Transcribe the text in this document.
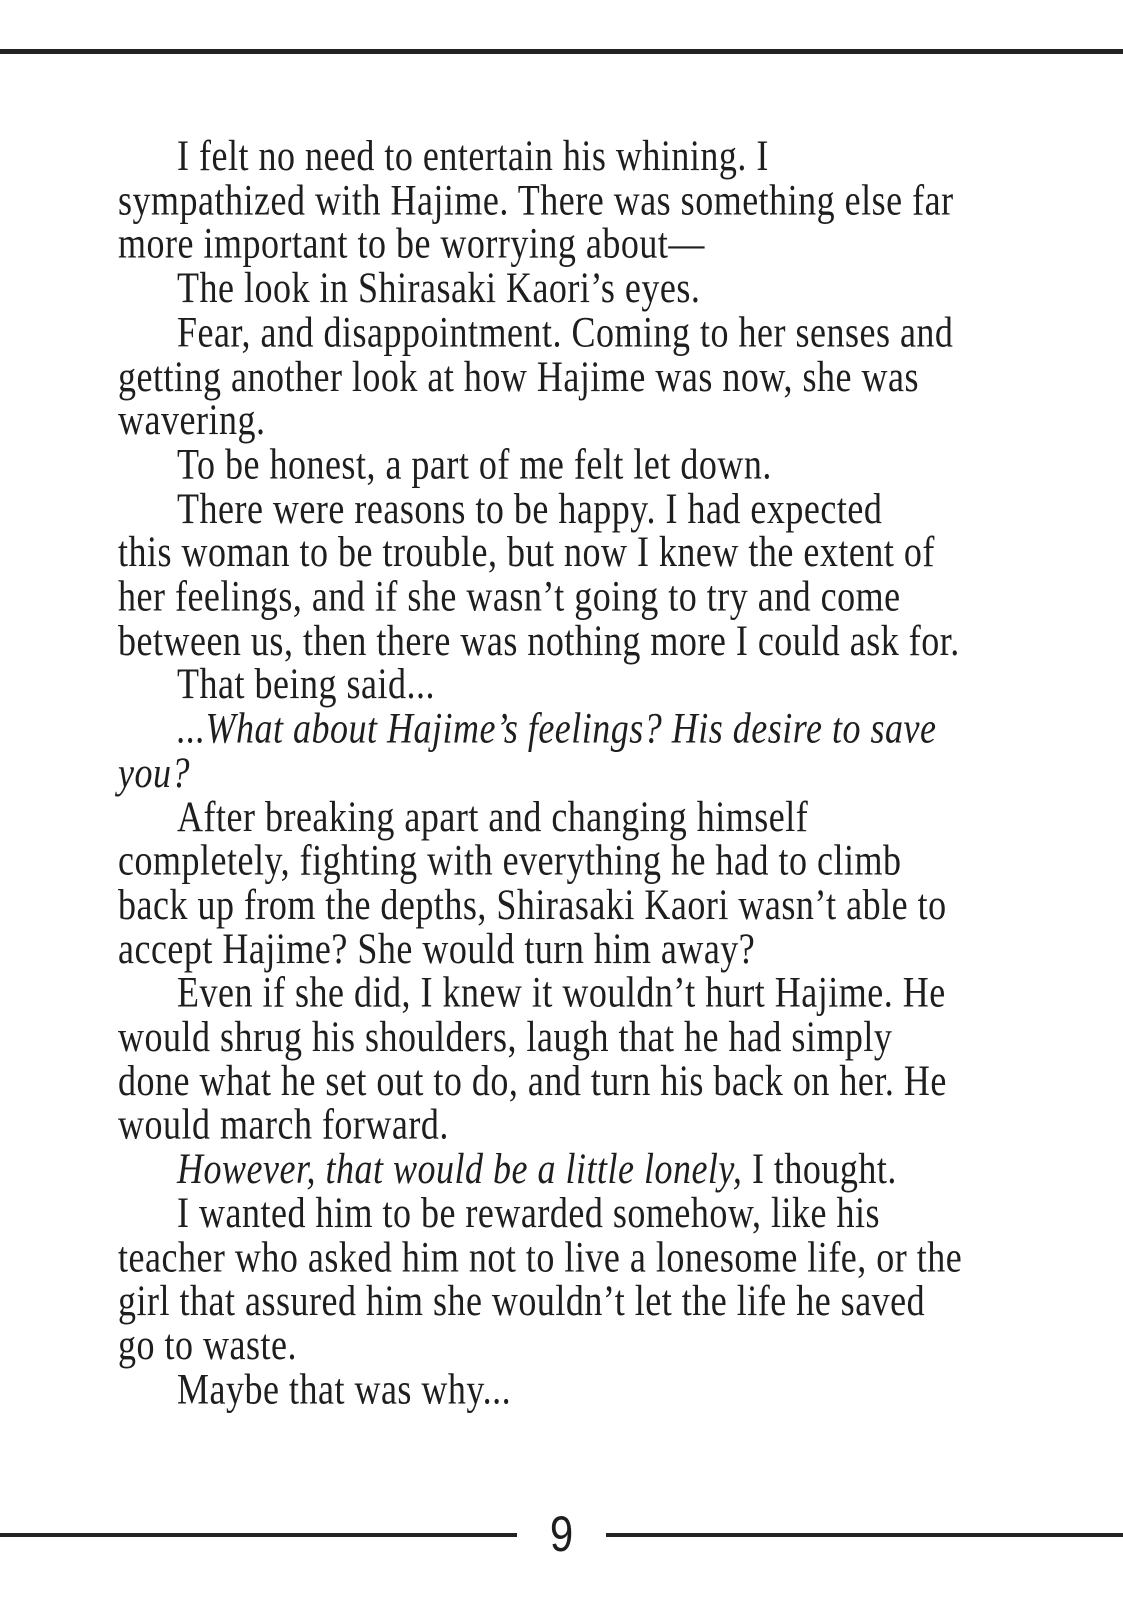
I felt no need to entertain his whining. I
sympathized with Hajime. There was something else far
more important to be worrying about—

The look in Shirasaki Kaori’s eyes.

Fear, and disappointment. Coming to her senses and
getting another look at how Hajime was now, she was
wavering.

To be honest, a part of me felt let down.

There were reasons to be happy. I had expected
this woman to be trouble, but now I knew the extent of
her feelings, and if she wasn’t going to try and come
between us, then there was nothing more I could ask for.

That being said...

...What about Hajime’s feelings? His desire to save
you?

After breaking apart and changing himself
completely, fighting with everything he had to climb
back up from the depths, Shirasaki Kaori wasn’t able to
accept Hajime? She would turn him away?

Even if she did, I knew it wouldn’t hurt Hajime. He
would shrug his shoulders, laugh that he had simply
done what he set out to do, and turn his back on her. He
would march forward.

However, that would be a little lonely, I thought.

I wanted him to be rewarded somehow, like his
teacher who asked him not to live a lonesome life, or the
girl that assured him she wouldn’t let the life he saved
go to waste.

Maybe that was why...

9
